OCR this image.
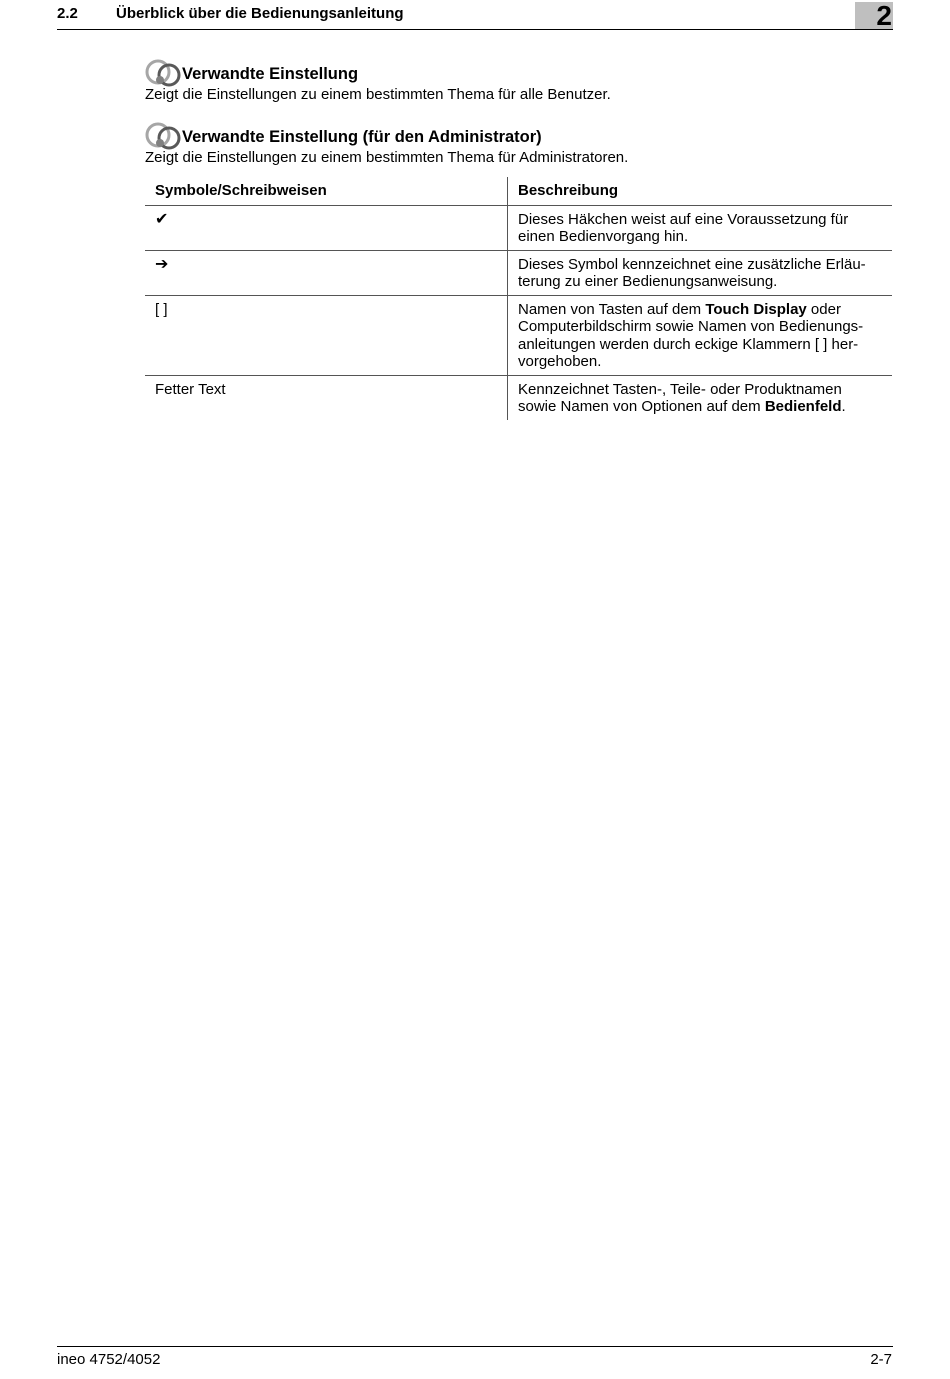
2.2	Überblick über die Bedienungsanleitung	2
Verwandte Einstellung
Zeigt die Einstellungen zu einem bestimmten Thema für alle Benutzer.
Verwandte Einstellung (für den Administrator)
Zeigt die Einstellungen zu einem bestimmten Thema für Administratoren.
Symbole/Schreibweisen	Beschreibung
✔	Dieses Häkchen weist auf eine Voraussetzung für
einen Bedienvorgang hin.
➔	Dieses Symbol kennzeichnet eine zusätzliche Erläu-
terung zu einer Bedienungsanweisung.
[ ]	Namen von Tasten auf dem Touch Display oder
Computerbildschirm sowie Namen von Bedienungs-
anleitungen werden durch eckige Klammern [ ] her-
vorgehoben.
Fetter Text	Kennzeichnet Tasten-, Teile- oder Produktnamen
sowie Namen von Optionen auf dem Bedienfeld.
ineo 4752/4052	2-7
